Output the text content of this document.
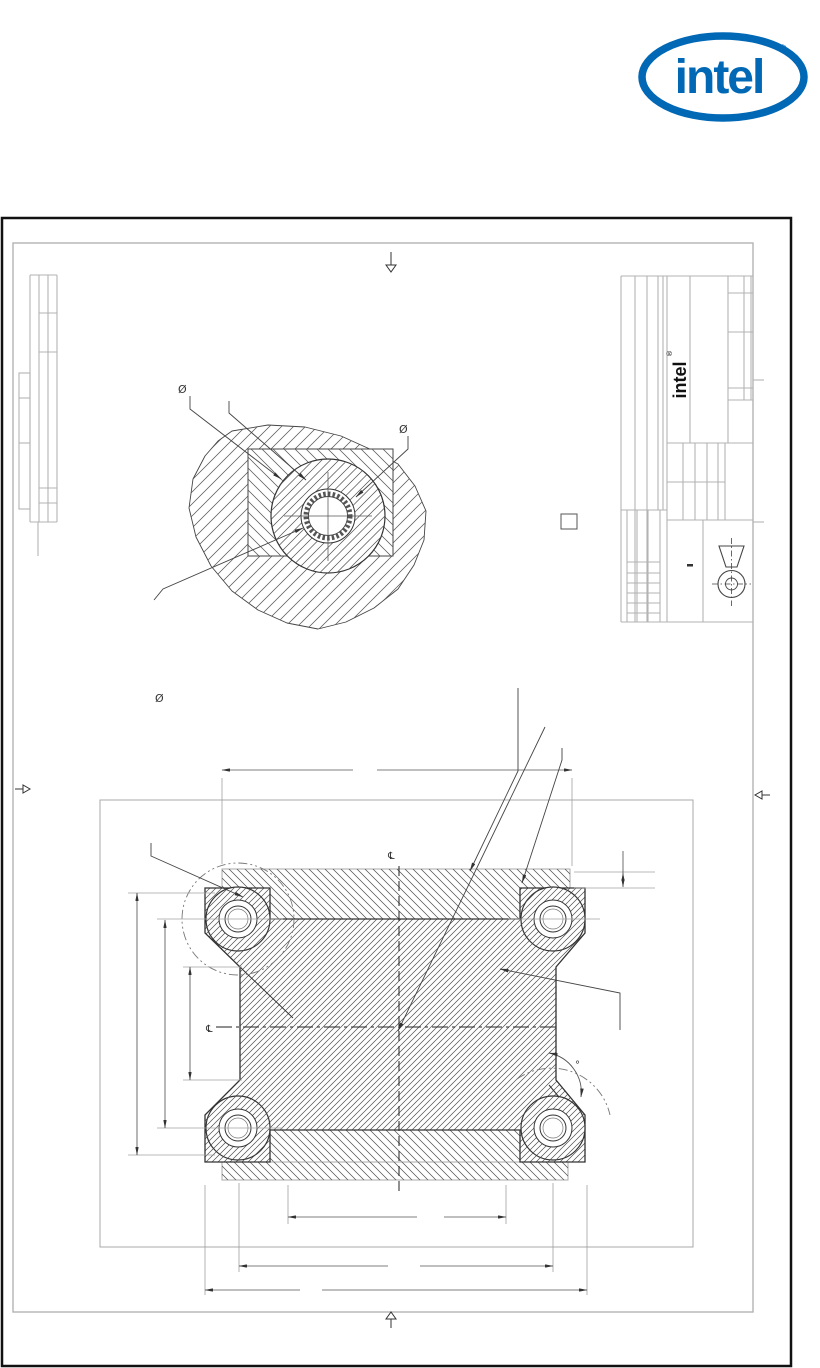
intel
®
intel
®
Ø
Ø
Ø
°
℄
℄
